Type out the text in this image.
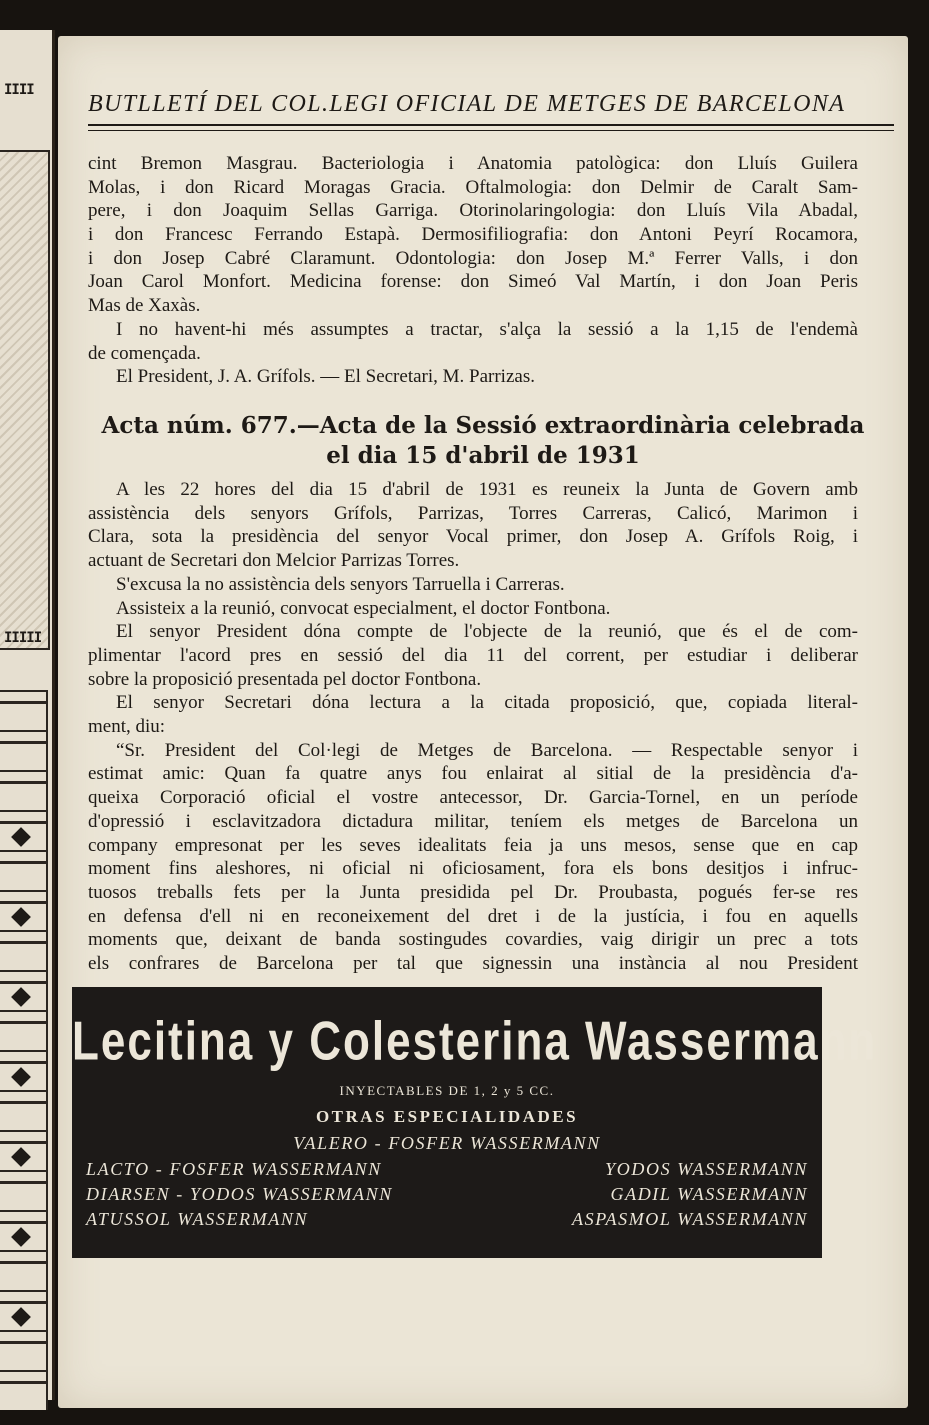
IIII
IIIII
BUTLLETÍ DEL COL.LEGI OFICIAL DE METGES DE BARCELONA
Acta núm. 677.—Acta de la Sessió extraordinària celebrada
el dia 15 d'abril de 1931
Lecitina y Colesterina Wassermann
INYECTABLES DE 1, 2 y 5 CC.
OTRAS ESPECIALIDADES
VALERO - FOSFER WASSERMANN
LACTO - FOSFER WASSERMANN
DIARSEN - YODOS WASSERMANN
ATUSSOL WASSERMANN
YODOS WASSERMANN
GADIL WASSERMANN
ASPASMOL WASSERMANN
cint Bremon Masgrau. Bacteriologia i Anatomia patològica: don Lluís Guilera
Molas, i don Ricard Moragas Gracia. Oftalmologia: don Delmir de Caralt Sam-
pere, i don Joaquim Sellas Garriga. Otorinolaringologia: don Lluís Vila Abadal,
i don Francesc Ferrando Estapà. Dermosifiliografia: don Antoni Peyrí Rocamora,
i don Josep Cabré Claramunt. Odontologia: don Josep M.ª Ferrer Valls, i don
Joan Carol Monfort. Medicina forense: don Simeó Val Martín, i don Joan Peris
Mas de Xaxàs.
I no havent-hi més assumptes a tractar, s'alça la sessió a la 1,15 de l'endemà
de començada.
El President, J. A. Grífols. — El Secretari, M. Parrizas.
A les 22 hores del dia 15 d'abril de 1931 es reuneix la Junta de Govern amb
assistència dels senyors Grífols, Parrizas, Torres Carreras, Calicó, Marimon i
Clara, sota la presidència del senyor Vocal primer, don Josep A. Grífols Roig, i
actuant de Secretari don Melcior Parrizas Torres.
S'excusa la no assistència dels senyors Tarruella i Carreras.
Assisteix a la reunió, convocat especialment, el doctor Fontbona.
El senyor President dóna compte de l'objecte de la reunió, que és el de com-
plimentar l'acord pres en sessió del dia 11 del corrent, per estudiar i deliberar
sobre la proposició presentada pel doctor Fontbona.
El senyor Secretari dóna lectura a la citada proposició, que, copiada literal-
ment, diu:
“Sr. President del Col·legi de Metges de Barcelona. — Respectable senyor i
estimat amic: Quan fa quatre anys fou enlairat al sitial de la presidència d'a-
queixa Corporació oficial el vostre antecessor, Dr. Garcia-Tornel, en un període
d'opressió i esclavitzadora dictadura militar, teníem els metges de Barcelona un
company empresonat per les seves idealitats feia ja uns mesos, sense que en cap
moment fins aleshores, ni oficial ni oficiosament, fora els bons desitjos i infruc-
tuosos treballs fets per la Junta presidida pel Dr. Proubasta, pogués fer-se res
en defensa d'ell ni en reconeixement del dret i de la justícia, i fou en aquells
moments que, deixant de banda sostingudes covardies, vaig dirigir un prec a tots
els confrares de Barcelona per tal que signessin una instància al nou President
